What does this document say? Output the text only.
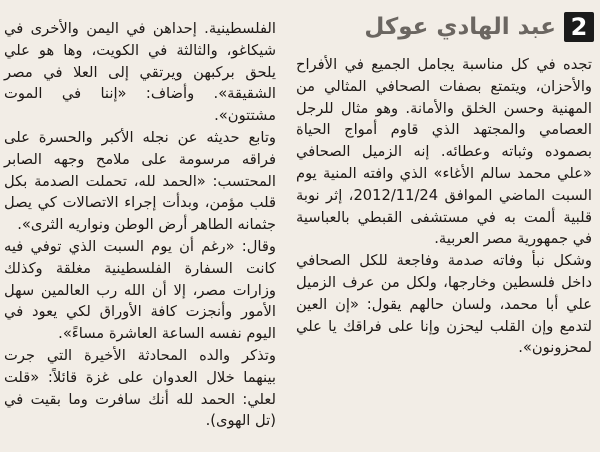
2
عبد الهادي عوكل

تجده في كل مناسبة يجامل الجميع في الأفراح والأحزان، ويتمتع بصفات الصحافي المثالي من المهنية وحسن الخلق والأمانة. وهو مثال للرجل العصامي والمجتهد الذي قاوم أمواج الحياة بصموده وثباته وعطائه. إنه الزميل الصحافي «علي محمد سالم الأغاء» الذي وافته المنية يوم السبت الماضي الموافق 2012/11/24، إثر نوبة قلبية ألمت به في مستشفى القبطي بالعباسية في جمهورية مصر العربية.

وشكل نبأ وفاته صدمة وفاجعة للكل الصحافي داخل فلسطين وخارجها، ولكل من عرف الزميل علي أبا محمد، ولسان حالهم يقول: «إن العين لتدمع وإن القلب ليحزن وإنا على فراقك يا علي لمحزونون».

الفلسطينية. إحداهن في اليمن والأخرى في شيكاغو، والثالثة في الكويت، وها هو علي يلحق بركبهن ويرتقي إلى العلا في مصر الشقيقة». وأضاف: «إننا في الموت مشتتون».

وتابع حديثه عن نجله الأكبر والحسرة على فراقه مرسومة على ملامح وجهه الصابر المحتسب: «الحمد لله، تحملت الصدمة بكل قلب مؤمن، وبدأت إجراء الاتصالات كي يصل جثمانه الطاهر أرض الوطن ونواريه الثرى».

وقال: «رغم أن يوم السبت الذي توفي فيه كانت السفارة الفلسطينية مغلقة وكذلك وزارات مصر، إلا أن الله رب العالمين سهل الأمور وأنجزت كافة الأوراق لكي يعود في اليوم نفسه الساعة العاشرة مساءً».

وتذكر والده المحادثة الأخيرة التي جرت بينهما خلال العدوان على غزة قائلاً: «قلت لعلي: الحمد لله أنك سافرت وما بقيت في (تل الهوى).
